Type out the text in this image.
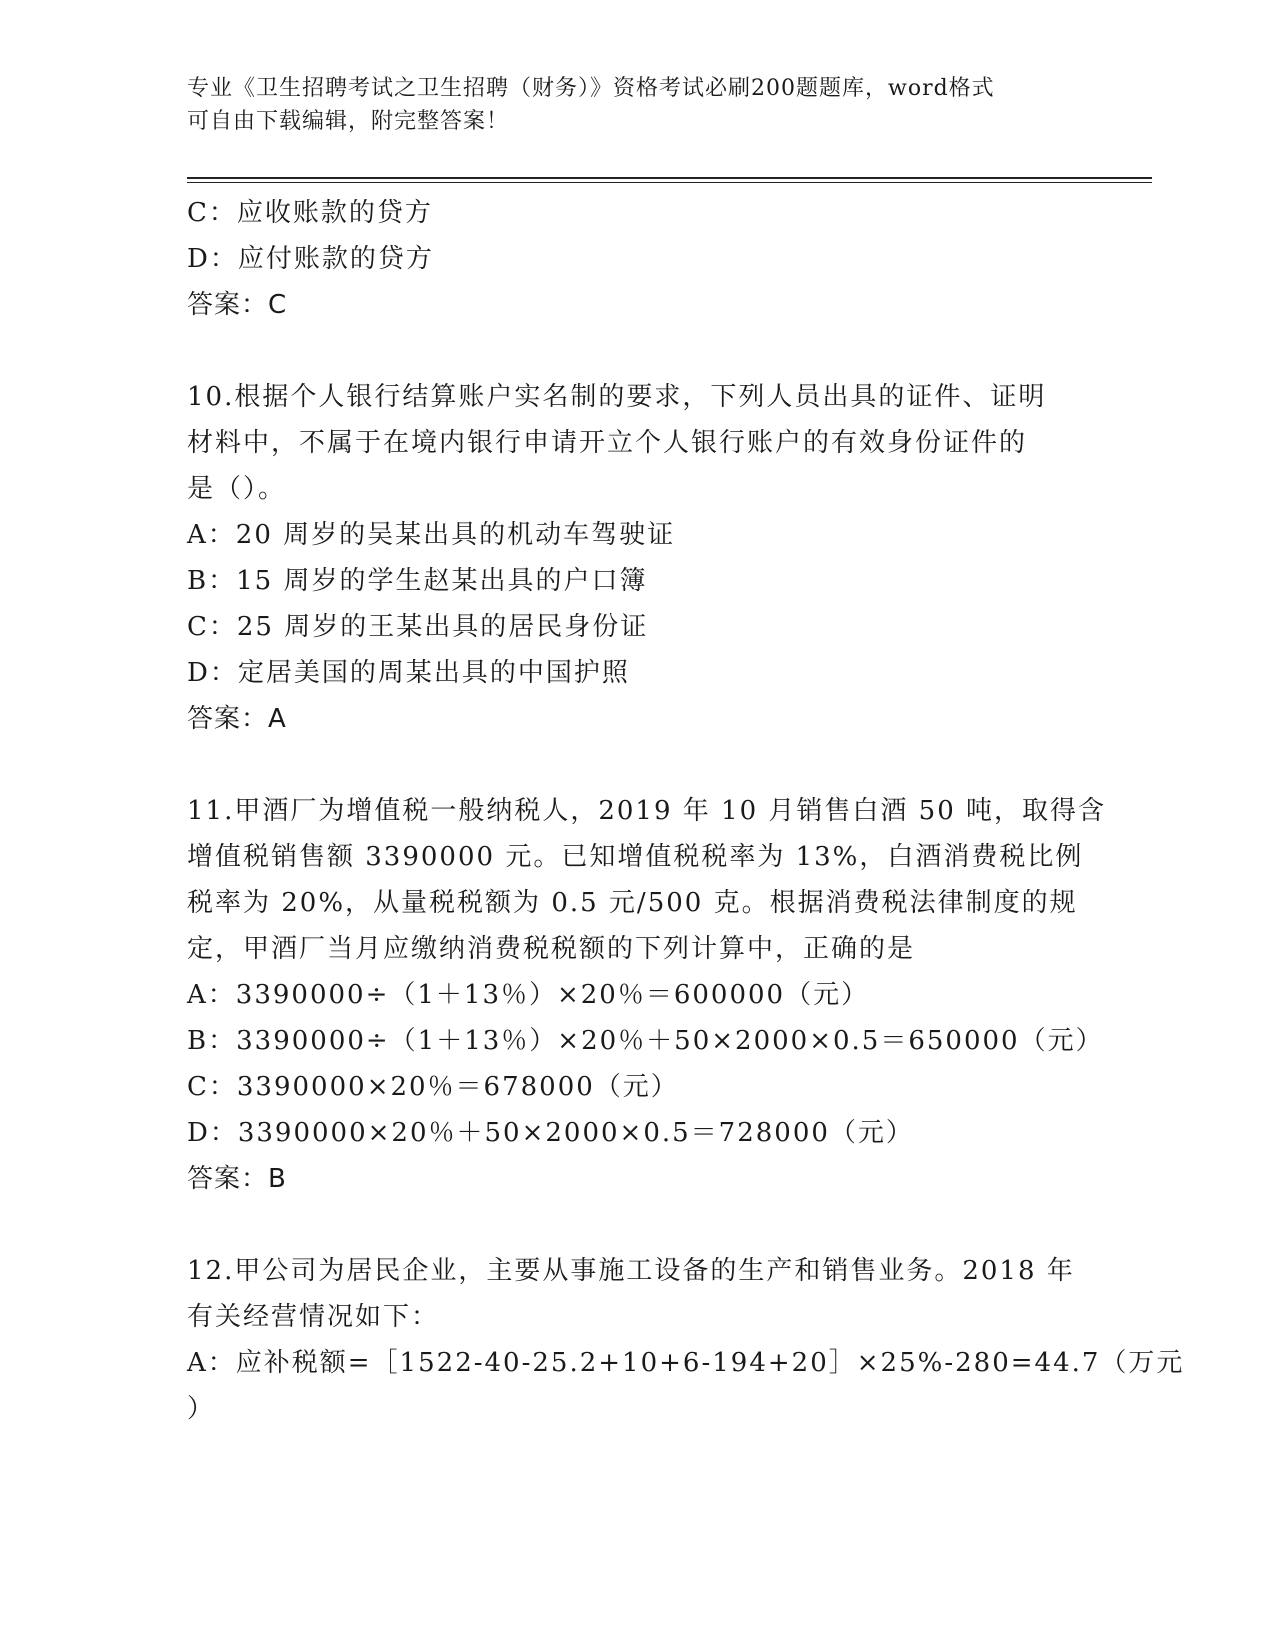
专业《卫生招聘考试之卫生招聘（财务）》资格考试必刷200题题库，word格式
可自由下载编辑，附完整答案！
C：应收账款的贷方
D：应付账款的贷方
答案：C
10.根据个人银行结算账户实名制的要求，下列人员出具的证件、证明
材料中，不属于在境内银行申请开立个人银行账户的有效身份证件的
是（）。
A：20 周岁的吴某出具的机动车驾驶证
B：15 周岁的学生赵某出具的户口簿
C：25 周岁的王某出具的居民身份证
D：定居美国的周某出具的中国护照
答案：A
11.甲酒厂为增值税一般纳税人，2019 年 10 月销售白酒 50 吨，取得含
增值税销售额 3390000 元。已知增值税税率为 13%，白酒消费税比例
税率为 20%，从量税税额为 0.5 元/500 克。根据消费税法律制度的规
定，甲酒厂当月应缴纳消费税税额的下列计算中，正确的是
A：3390000÷（1＋13％）×20％＝600000（元）
B：3390000÷（1＋13％）×20％＋50×2000×0.5＝650000（元）
C：3390000×20％＝678000（元）
D：3390000×20％＋50×2000×0.5＝728000（元）
答案：B
12.甲公司为居民企业，主要从事施工设备的生产和销售业务。2018 年
有关经营情况如下：
A：应补税额=［1522-40-25.2+10+6-194+20］×25%-280=44.7（万元
）
